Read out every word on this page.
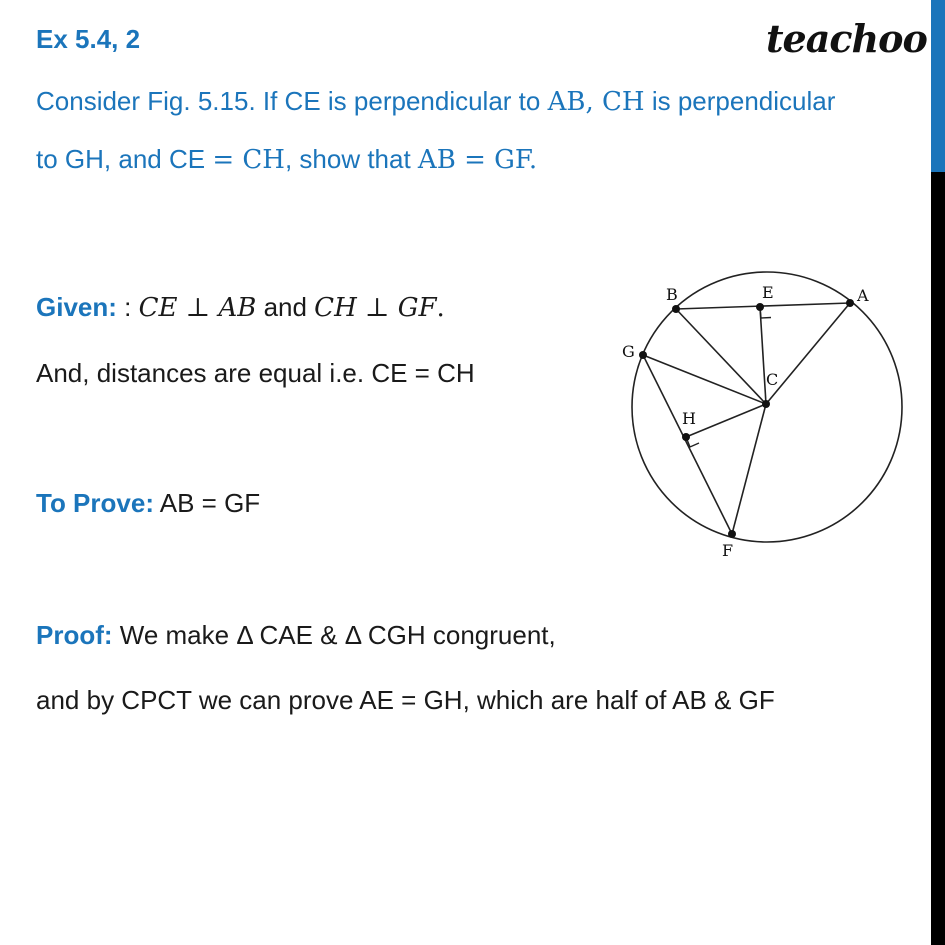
Ex 5.4, 2	teachoo
Consider Fig. 5.15. If CE is perpendicular to AB, CH is perpendicular
to GH, and CE = CH, show that AB = GF.
Given: : CE ⊥ AB and CH ⊥ GF.
And, distances are equal i.e. CE = CH
To Prove: AB = GF
Proof: We make Δ CAE & Δ CGH congruent,
and by CPCT we can prove AE = GH, which are half of AB & GF
B	A
E
G
C
H
F
